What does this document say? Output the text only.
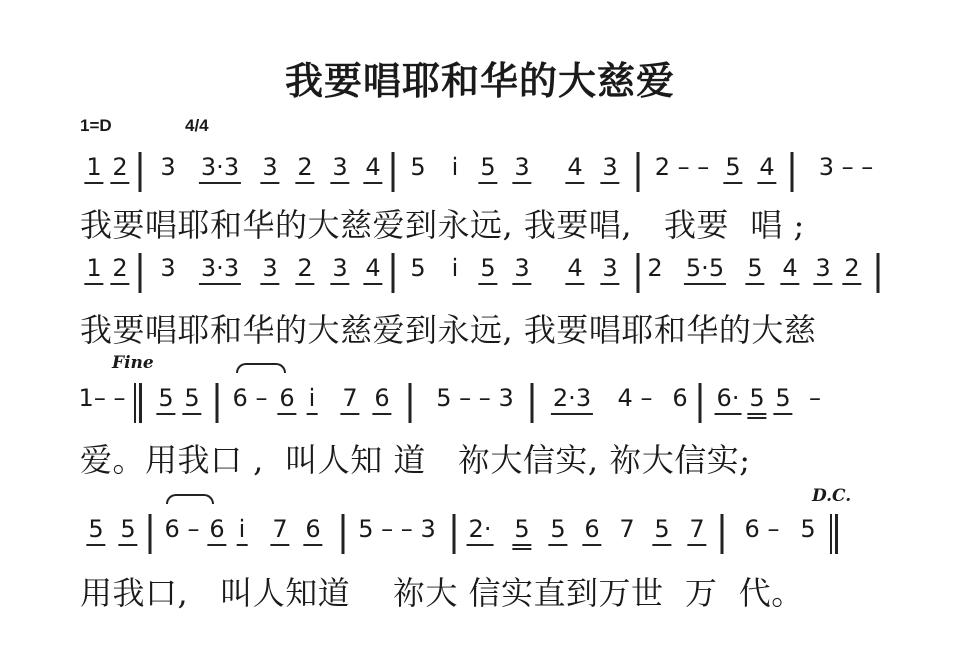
我要唱耶和华的大慈爱
1=D	4/4
1 2 3 3·3 3 2 3 4 5 i̇ 5 3 4 3 2 – – 5 4 3 – –
我要唱耶和华的大慈爱到永远, 我要唱,   我要  唱 ;
1 2 3 3·3 3 2 3 4 5 i̇ 5 3 4 3 2 5·5 5 4 3 2
我要唱耶和华的大慈爱到永远, 我要唱耶和华的大慈
Fine
1– – 5 5 6 – 6 i̇ 7 6 5 – – 3 2·3 4 – 6 6· 5 5 –
爱。用我口 ,  叫人知 道   祢大信实, 祢大信实;
D.C.
5 5 6 – 6 i̇ 7 6 5 – – 3 2· 5 5 6 7 5 7 6 – 5
用我口,   叫人知道    祢大 信实直到万世  万  代。
